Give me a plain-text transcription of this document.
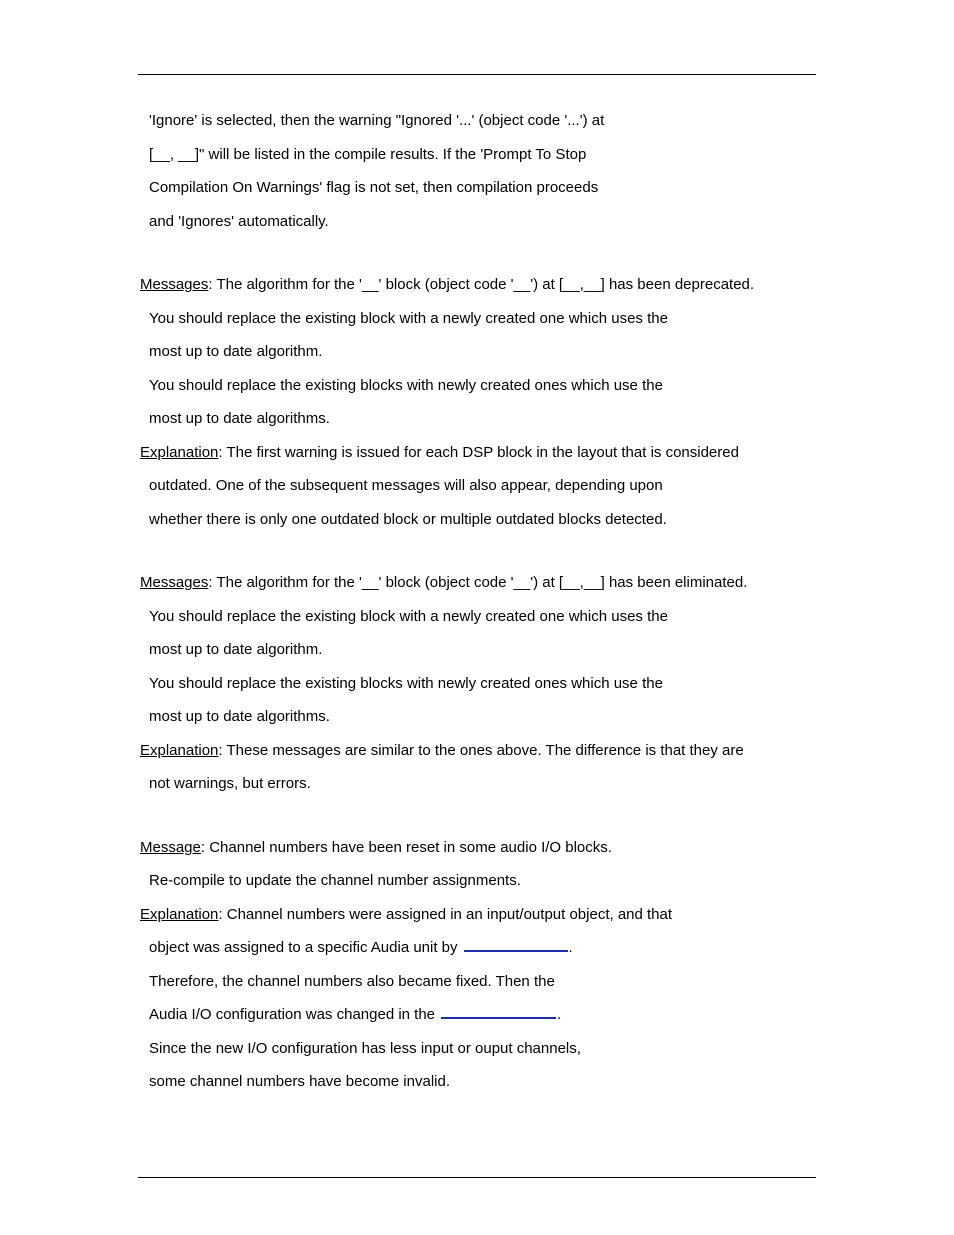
'Ignore' is selected, then the warning "Ignored '...' (object code '...') at
[__, __]" will be listed in the compile results. If the 'Prompt To Stop
Compilation On Warnings' flag is not set, then compilation proceeds
and 'Ignores' automatically.
Messages: The algorithm for the '__' block (object code '__') at [__,__] has been deprecated.
You should replace the existing block with a newly created one which uses the
most up to date algorithm.
You should replace the existing blocks with newly created ones which use the
most up to date algorithms.
Explanation: The first warning is issued for each DSP block in the layout that is considered
outdated. One of the subsequent messages will also appear, depending upon
whether there is only one outdated block or multiple outdated blocks detected.
Messages: The algorithm for the '__' block (object code '__') at [__,__] has been eliminated.
You should replace the existing block with a newly created one which uses the
most up to date algorithm.
You should replace the existing blocks with newly created ones which use the
most up to date algorithms.
Explanation: These messages are similar to the ones above. The difference is that they are
not warnings, but errors.
Message: Channel numbers have been reset in some audio I/O blocks.
Re-compile to update the channel number assignments.
Explanation: Channel numbers were assigned in an input/output object, and that
object was assigned to a specific Audia unit by	.
Therefore, the channel numbers also became fixed. Then the
Audia I/O configuration was changed in the	.
Since the new I/O configuration has less input or ouput channels,
some channel numbers have become invalid.
